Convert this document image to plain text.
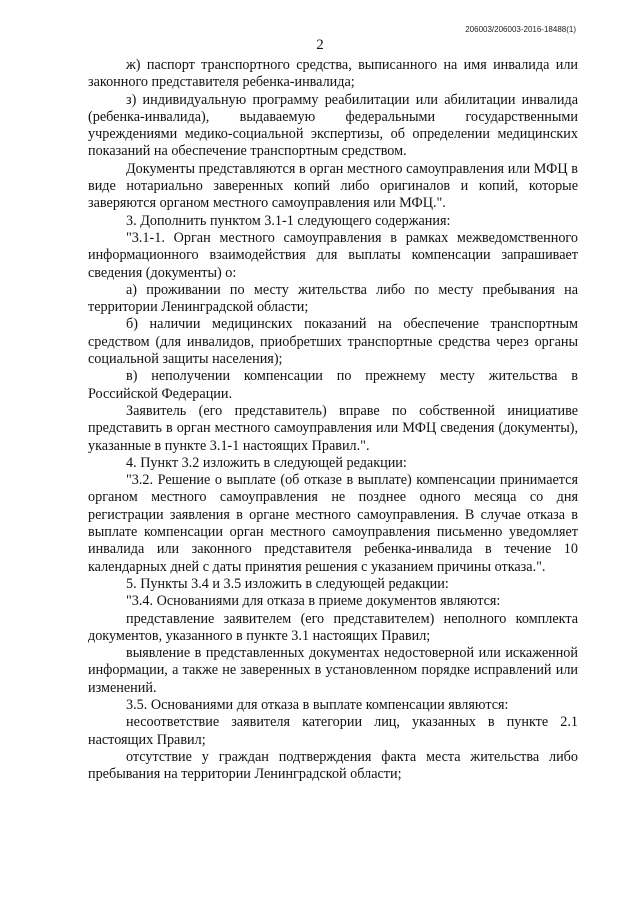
206003/206003-2016-18488(1)
2

ж) паспорт транспортного средства, выписанного на имя инвалида или законного представителя ребенка-инвалида;

з) индивидуальную программу реабилитации или абилитации инвалида (ребенка-инвалида), выдаваемую федеральными государственными учреждениями медико-социальной экспертизы, об определении медицинских показаний на обеспечение транспортным средством.

Документы представляются в орган местного самоуправления или МФЦ в виде нотариально заверенных копий либо оригиналов и копий, которые заверяются органом местного самоуправления или МФЦ.".

3. Дополнить пунктом 3.1-1 следующего содержания:

"3.1-1. Орган местного самоуправления в рамках межведомственного информационного взаимодействия для выплаты компенсации запрашивает сведения (документы) о:

а) проживании по месту жительства либо по месту пребывания на территории Ленинградской области;

б) наличии медицинских показаний на обеспечение транспортным средством (для инвалидов, приобретших транспортные средства через органы социальной защиты населения);

в) неполучении компенсации по прежнему месту жительства в Российской Федерации.

Заявитель (его представитель) вправе по собственной инициативе представить в орган местного самоуправления или МФЦ сведения (документы), указанные в пункте 3.1-1 настоящих Правил.".

4. Пункт 3.2 изложить в следующей редакции:

"3.2. Решение о выплате (об отказе в выплате) компенсации принимается органом местного самоуправления не позднее одного месяца со дня регистрации заявления в органе местного самоуправления. В случае отказа в выплате компенсации орган местного самоуправления письменно уведомляет инвалида или законного представителя ребенка-инвалида в течение 10 календарных дней с даты принятия решения с указанием причины отказа.".

5. Пункты 3.4 и 3.5 изложить в следующей редакции:

"3.4. Основаниями для отказа в приеме документов являются:

представление заявителем (его представителем) неполного комплекта документов, указанного в пункте 3.1 настоящих Правил;

выявление в представленных документах недостоверной или искаженной информации, а также не заверенных в установленном порядке исправлений или изменений.

3.5. Основаниями для отказа в выплате компенсации являются:

несоответствие заявителя категории лиц, указанных в пункте 2.1 настоящих Правил;

отсутствие у граждан подтверждения факта места жительства либо пребывания на территории Ленинградской области;
